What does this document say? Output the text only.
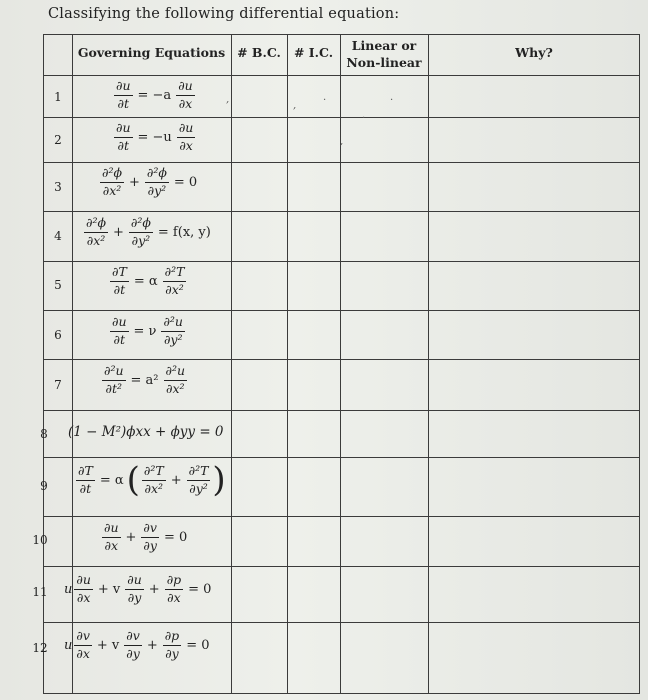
Classifying the following differential equation:
Governing Equations # B.C.	# I.C.	Linear or
Non-linear
Why?
1
2
3
4
5
6
7
8
9
10
11
12
$\frac{\partial u}{\partial t} = -a \frac{\partial u}{\partial x}$
$\frac{\partial u}{\partial t} = -u \frac{\partial u}{\partial x}$
$\frac{\text{∂²ϕ}}{\text{∂x²}} + \frac{\text{∂²ϕ}}{\text{∂y²}} = 0$
$\frac{\text{∂²ϕ}}{\text{∂x²}} + \frac{\text{∂²ϕ}}{\text{∂y²}} = f(x$, y)
$\frac{\partial T}{\partial t} = \alpha \frac{\text{∂²T}}{\text{∂x²}}$
$\frac{\partial u}{\partial t} = \nu \frac{\text{∂²u}}{\text{∂y²}}$
$\frac{\text{∂²u}}{\text{∂t²}} = a^2 \frac{\text{∂²u}}{\text{∂x²}}$
(1 − M²)ϕxx + ϕyy = 0
$\frac{\partial T}{\partial t} = \alpha( \frac{\text{∂²T}}{\text{∂x²}} + \frac{\text{∂²T}}{\text{∂y²}}$ )
$\frac{\partial u}{\partial x} + \frac{\partial v}{\partial y} = 0$
u $\frac{\partial u}{\partial x} + v \frac{\partial u}{\partial y} + \frac{\partial p}{\partial x} = 0$
u $\frac{\partial v}{\partial x} + v \frac{\partial v}{\partial y} + \frac{\partial p}{\partial y} = 0$
,
,
.
,
.
.
